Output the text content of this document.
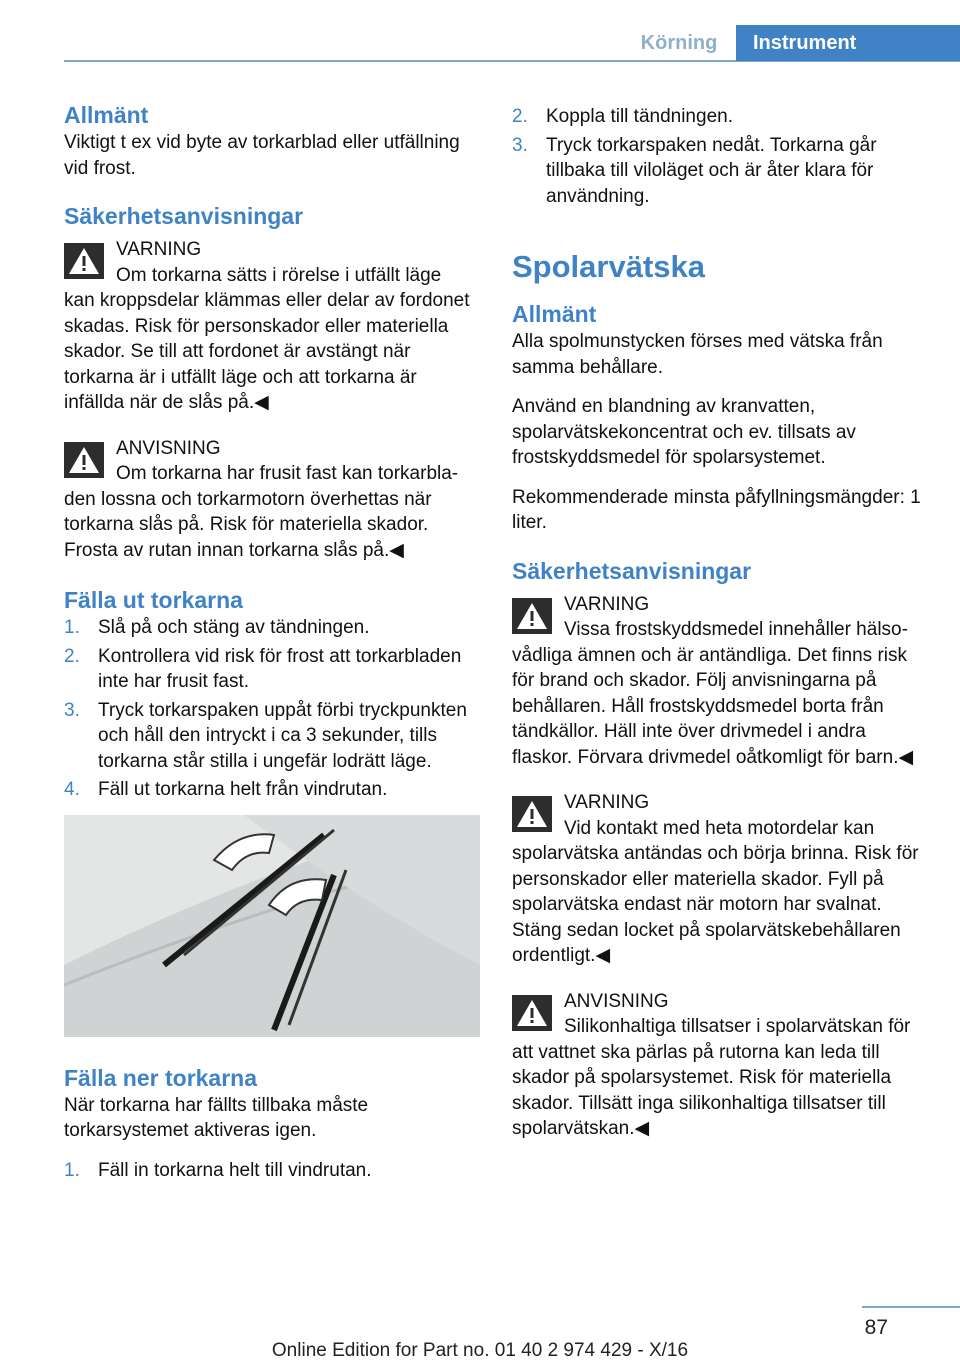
Körning	Instrument
Allmänt

Viktigt t ex vid byte av torkarblad eller utfällning vid frost.

Säkerhetsanvisningar
VARNING
Om torkarna sätts i rörelse i utfällt läge
kan kroppsdelar klämmas eller delar av fordonet skadas. Risk för personskador eller materiella skador. Se till att fordonet är avstängt när torkarna är i utfällt läge och att torkarna är infällda när de slås på.◀
ANVISNING
Om torkarna har frusit fast kan torkarbla-
den lossna och torkarmotorn överhettas när torkarna slås på. Risk för materiella skador. Frosta av rutan innan torkarna slås på.◀
Fälla ut torkarna
1. Slå på och stäng av tändningen.
2. Kontrollera vid risk för frost att torkarbladen inte har frusit fast.
3. Tryck torkarspaken uppåt förbi tryckpunkten och håll den intryckt i ca 3 sekunder, tills torkarna står stilla i ungefär lodrätt läge.
4. Fäll ut torkarna helt från vindrutan.
Fälla ner torkarna

När torkarna har fällts tillbaka måste torkarsystemet aktiveras igen.

1. Fäll in torkarna helt till vindrutan.
2. Koppla till tändningen.
3. Tryck torkarspaken nedåt. Torkarna går tillbaka till viloläget och är åter klara för användning.
Spolarvätska
Allmänt

Alla spolmunstycken förses med vätska från samma behållare.

Använd en blandning av kranvatten, spolarvätskekoncentrat och ev. tillsats av frostskyddsmedel för spolarsystemet.

Rekommenderade minsta påfyllningsmängder: 1 liter.

Säkerhetsanvisningar
VARNING
Vissa frostskyddsmedel innehåller hälso-
vådliga ämnen och är antändliga. Det finns risk för brand och skador. Följ anvisningarna på behållaren. Håll frostskyddsmedel borta från tändkällor. Häll inte över drivmedel i andra flaskor. Förvara drivmedel oåtkomligt för barn.◀
VARNING
Vid kontakt med heta motordelar kan
spolarvätska antändas och börja brinna. Risk för personskador eller materiella skador. Fyll på spolarvätska endast när motorn har svalnat. Stäng sedan locket på spolarvätskebehållaren ordentligt.◀
ANVISNING
Silikonhaltiga tillsatser i spolarvätskan för
att vattnet ska pärlas på rutorna kan leda till skador på spolarsystemet. Risk för materiella skador. Tillsätt inga silikonhaltiga tillsatser till spolarvätskan.◀
87
Online Edition for Part no. 01 40 2 974 429 - X/16
